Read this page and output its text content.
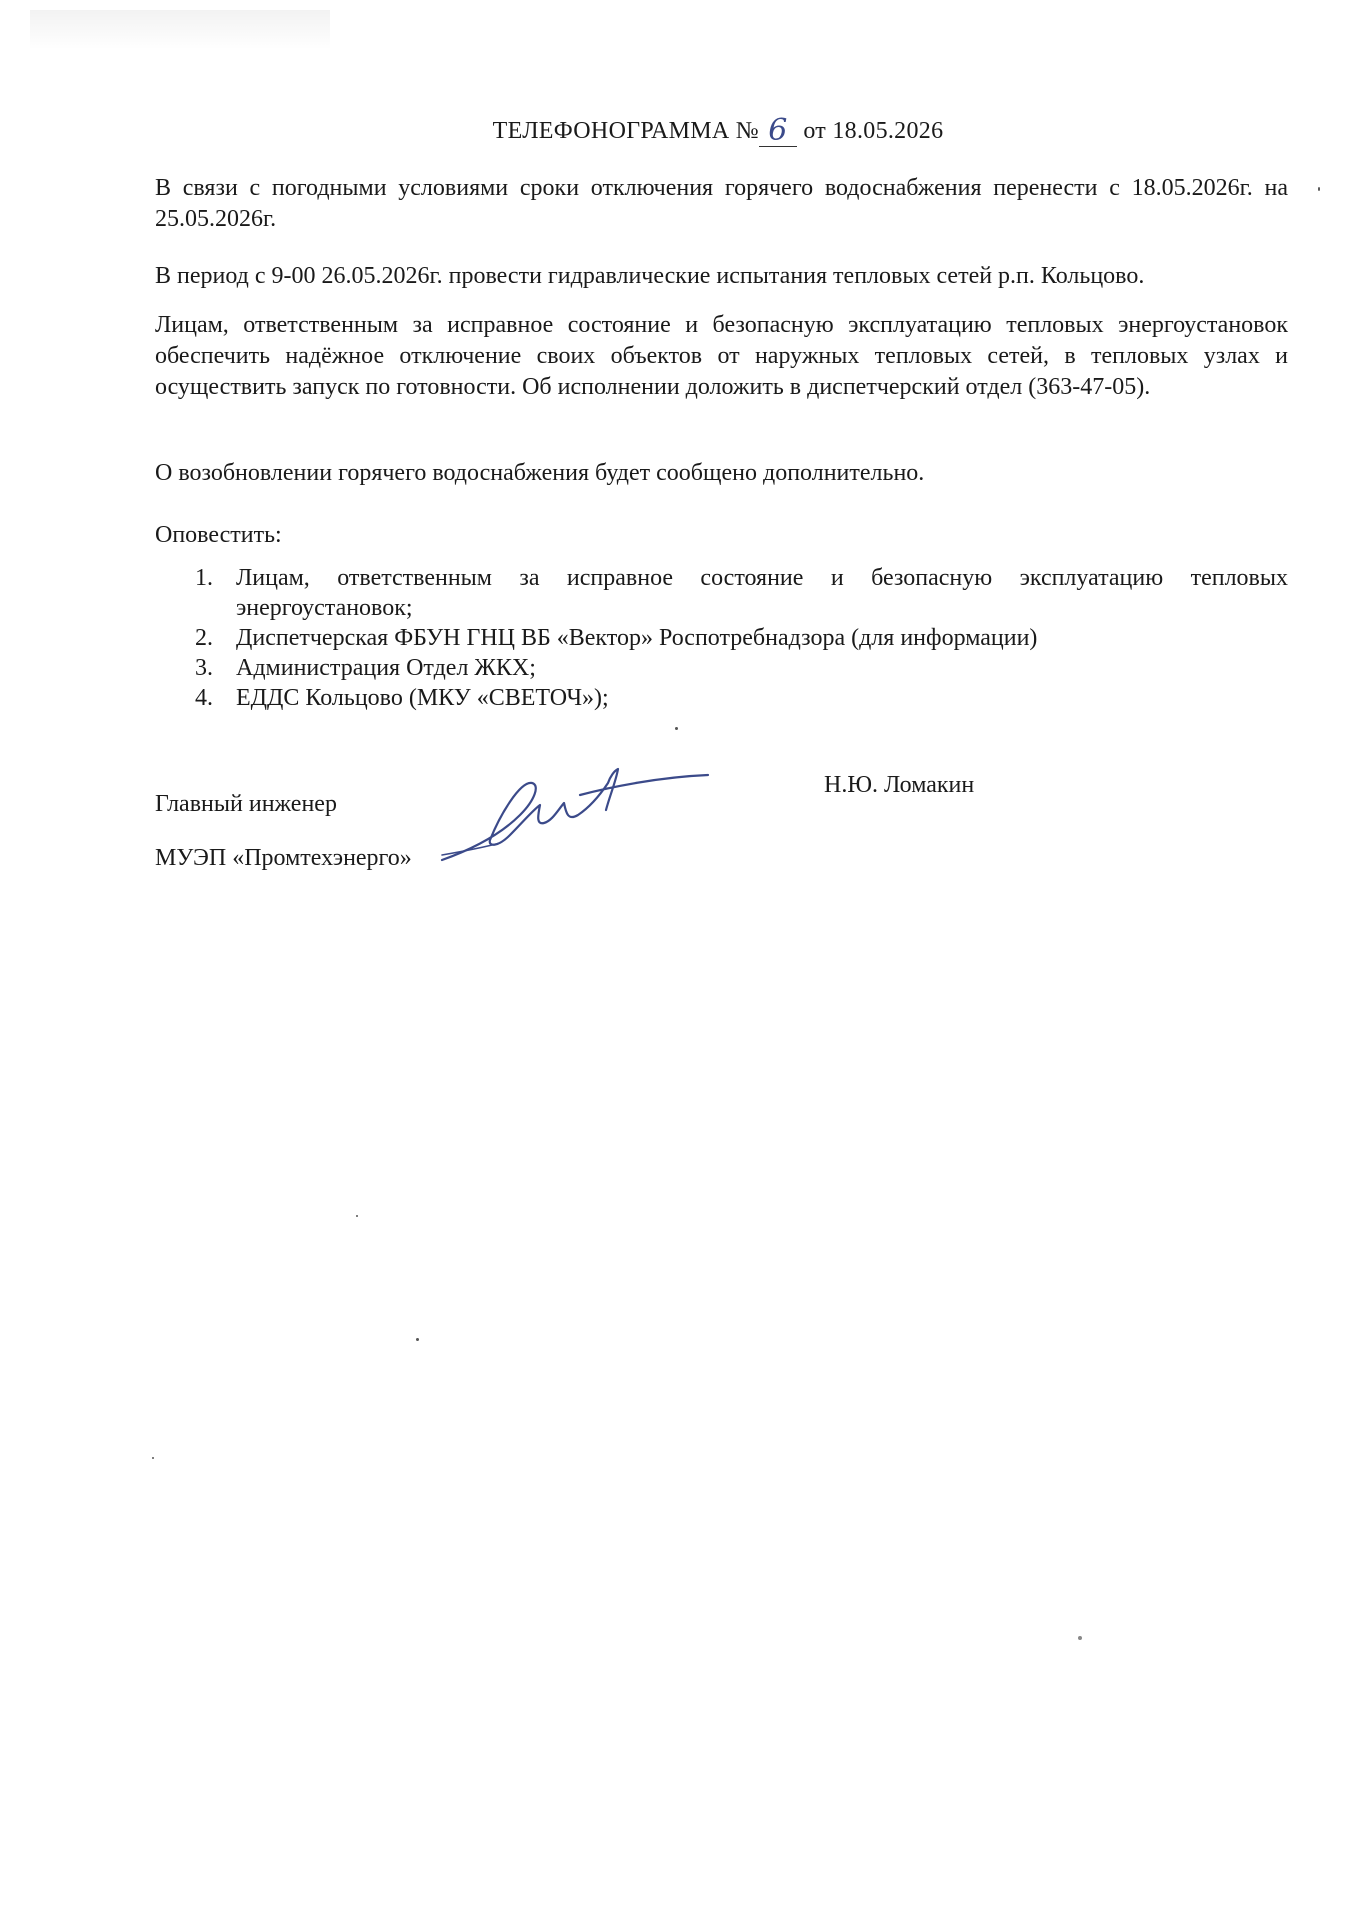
ТЕЛЕФОНОГРАММА № 6 от 18.05.2026
В связи с погодными условиями сроки отключения горячего водоснабжения перенести с 18.05.2026г. на 25.05.2026г.
В период с 9-00 26.05.2026г. провести гидравлические испытания тепловых сетей р.п. Кольцово.
Лицам, ответственным за исправное состояние и безопасную эксплуатацию тепловых энергоустановок обеспечить надёжное отключение своих объектов от наружных тепловых сетей, в тепловых узлах и осуществить запуск по готовности. Об исполнении доложить в диспетчерский отдел (363-47-05).
О возобновлении горячего водоснабжения будет сообщено дополнительно.
Оповестить:
1. Лицам, ответственным за исправное состояние и безопасную эксплуатацию тепловых энергоустановок;
2. Диспетчерская ФБУН ГНЦ ВБ «Вектор» Роспотребнадзора (для информации)
3. Администрация Отдел ЖКХ;
4. ЕДДС Кольцово (МКУ «СВЕТОЧ»);
Главный инженер
МУЭП «Промтехэнерго»
Н.Ю. Ломакин
